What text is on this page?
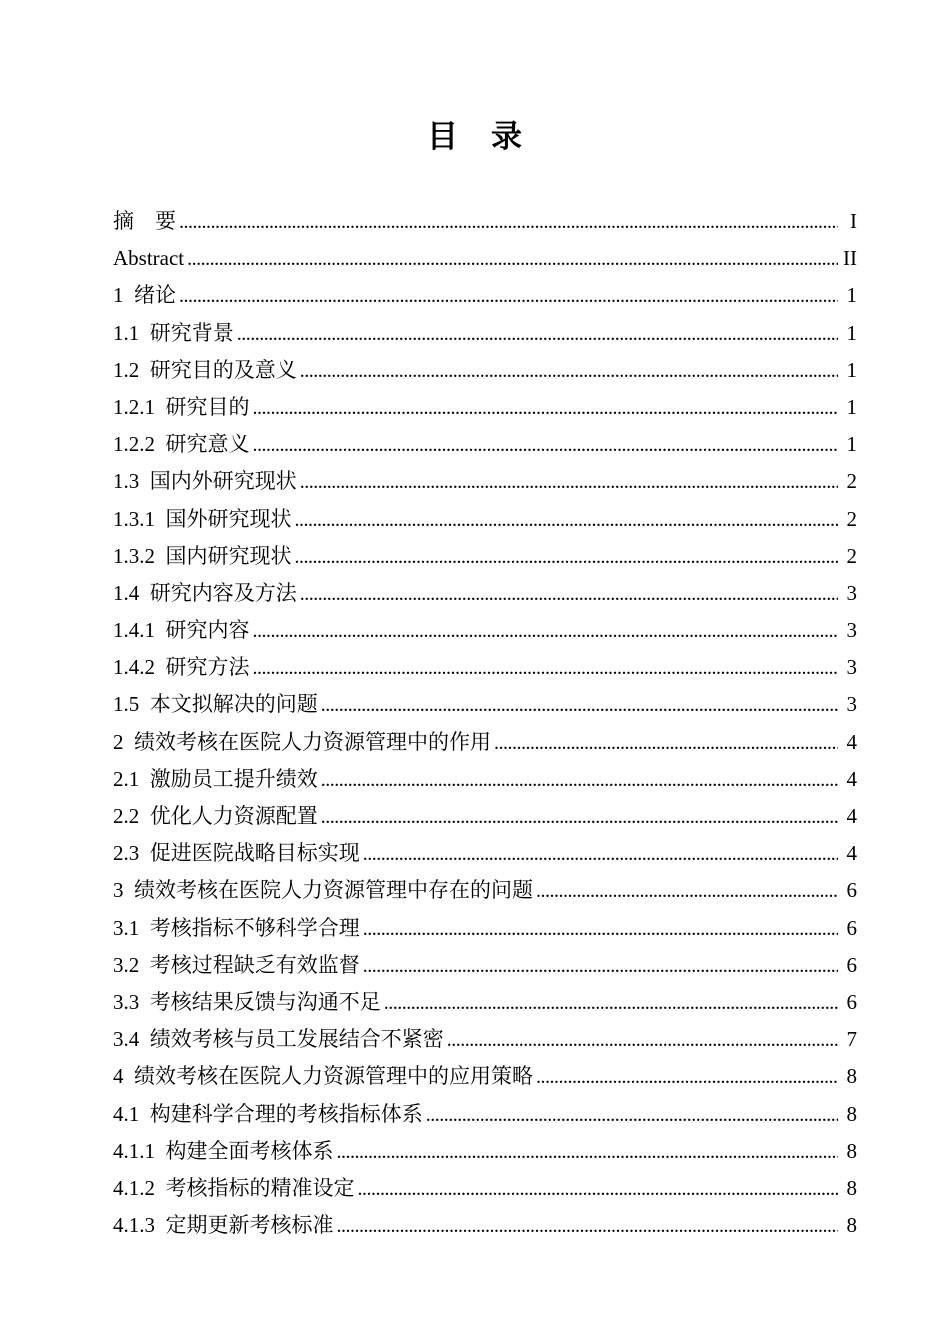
目　录
摘　要 .....	I
Abstract .....	II
1  绪论 .....	1
1.1  研究背景 .....	1
1.2  研究目的及意义 .....	1
1.2.1  研究目的 .....	1
1.2.2  研究意义 .....	1
1.3  国内外研究现状 .....	2
1.3.1  国外研究现状 .....	2
1.3.2  国内研究现状 .....	2
1.4  研究内容及方法 .....	3
1.4.1  研究内容 .....	3
1.4.2  研究方法 .....	3
1.5  本文拟解决的问题 .....	3
2  绩效考核在医院人力资源管理中的作用 .....	4
2.1  激励员工提升绩效 .....	4
2.2  优化人力资源配置 .....	4
2.3  促进医院战略目标实现 .....	4
3  绩效考核在医院人力资源管理中存在的问题 .....	6
3.1  考核指标不够科学合理 .....	6
3.2  考核过程缺乏有效监督 .....	6
3.3  考核结果反馈与沟通不足 .....	6
3.4  绩效考核与员工发展结合不紧密 .....	7
4  绩效考核在医院人力资源管理中的应用策略 .....	8
4.1  构建科学合理的考核指标体系 .....	8
4.1.1  构建全面考核体系 .....	8
4.1.2  考核指标的精准设定 .....	8
4.1.3  定期更新考核标准 .....	8
